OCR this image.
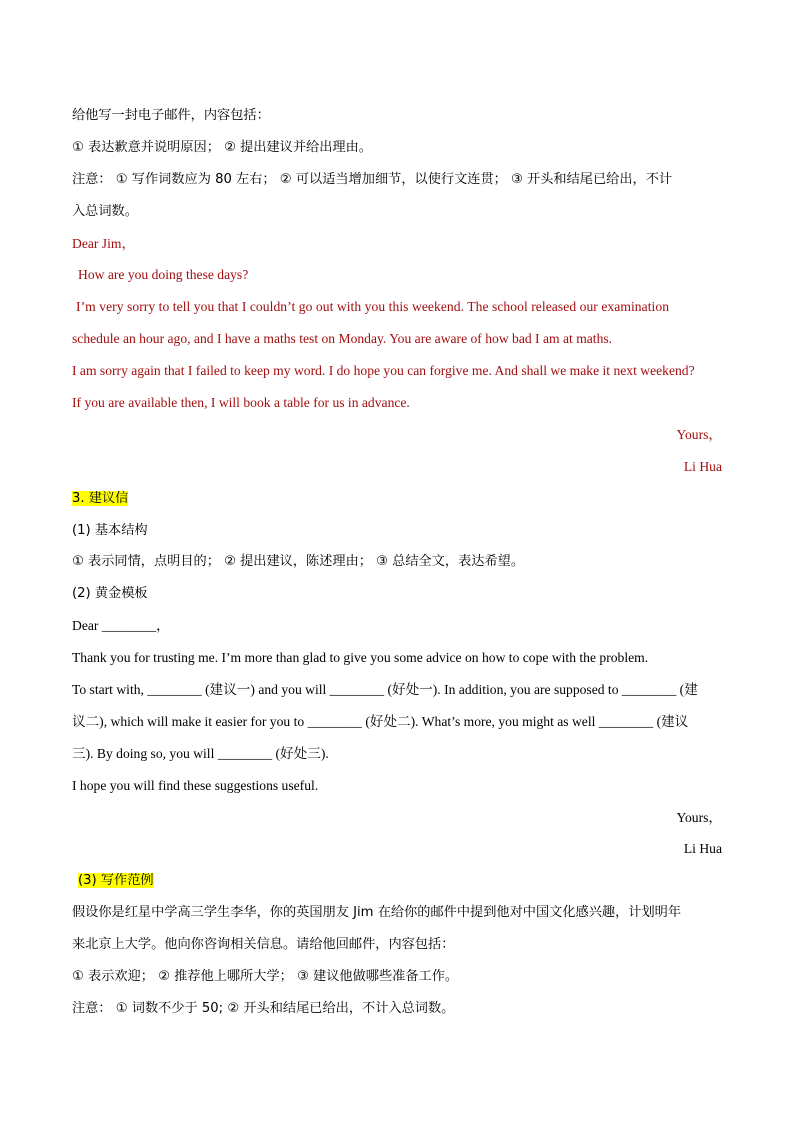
给他写一封电子邮件，内容包括：
① 表达歉意并说明原因； ② 提出建议并给出理由。
注意： ① 写作词数应为 80 左右； ② 可以适当增加细节，以使行文连贯； ③ 开头和结尾已给出，不计
入总词数。
Dear Jim，
How are you doing these days?
I’m very sorry to tell you that I couldn’t go out with you this weekend. The school released our examination
schedule an hour ago, and I have a maths test on Monday. You are aware of how bad I am at maths.
I am sorry again that I failed to keep my word. I do hope you can forgive me. And shall we make it next weekend?
If you are available then, I will book a table for us in advance.
Yours，
Li Hua
3. 建议信
(1) 基本结构
① 表示同情，点明目的； ② 提出建议，陈述理由； ③ 总结全文，表达希望。
(2) 黄金模板
Dear ________，
Thank you for trusting me. I’m more than glad to give you some advice on how to cope with the problem.
To start with, ________ (建议一) and you will ________ (好处一). In addition, you are supposed to ________ (建
议二), which will make it easier for you to ________ (好处二). What’s more, you might as well ________ (建议
三). By doing so, you will ________ (好处三).
I hope you will find these suggestions useful.
Yours，
Li Hua
(3) 写作范例
假设你是红星中学高三学生李华，你的英国朋友 Jim 在给你的邮件中提到他对中国文化感兴趣，计划明年
来北京上大学。他向你咨询相关信息。请给他回邮件，内容包括：
① 表示欢迎； ② 推荐他上哪所大学； ③ 建议他做哪些准备工作。
注意： ① 词数不少于 50; ② 开头和结尾已给出，不计入总词数。
